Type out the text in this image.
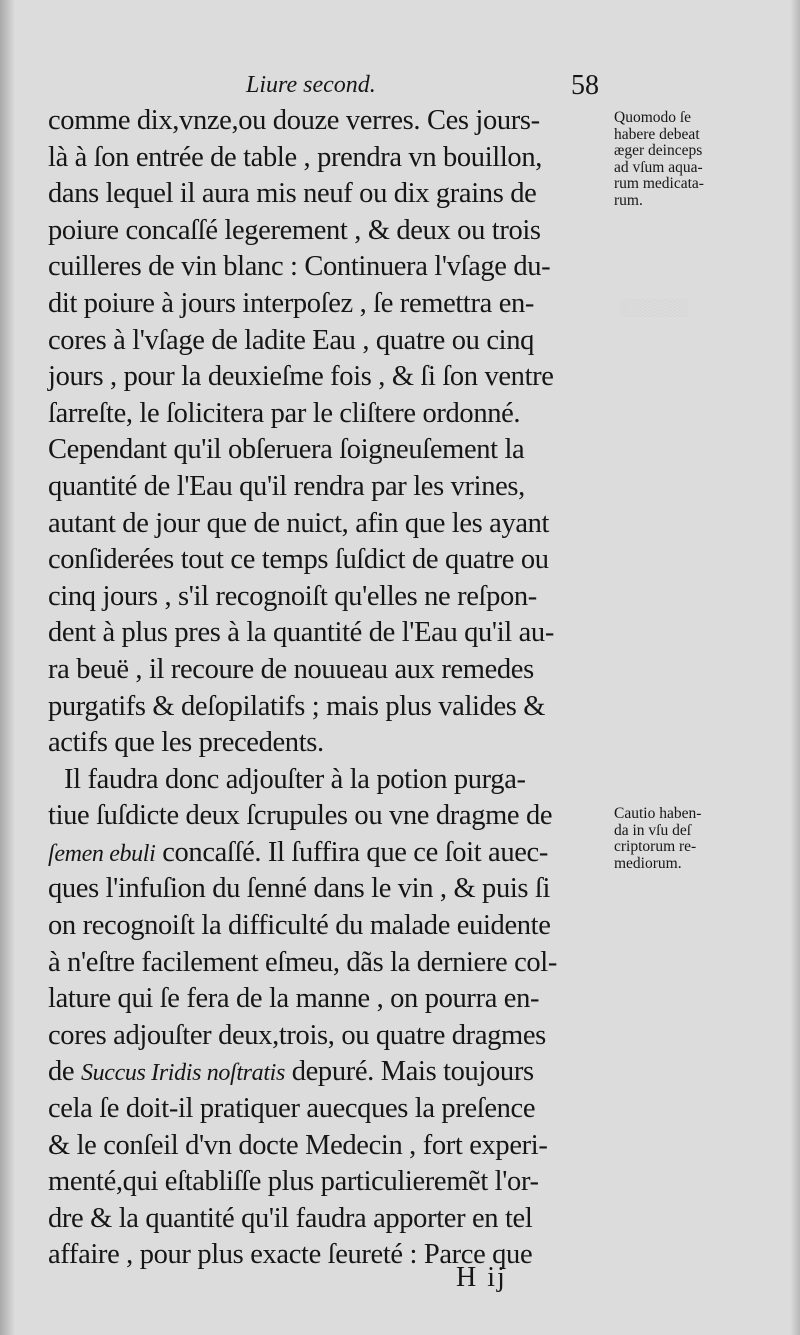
░░░░░░
Liure second.	58
comme dix,vnze,ou douze verres. Ces jours-
là à ſon entrée de table , prendra vn bouillon,
dans lequel il aura mis neuf ou dix grains de
poiure concaſſé legerement , & deux ou trois
cuilleres de vin blanc : Continuera l'vſage du-
dit poiure à jours interpoſez , ſe remettra en-
cores à l'vſage de ladite Eau , quatre ou cinq
jours , pour la deuxieſme fois , & ſi ſon ventre
ſarreſte, le ſolicitera par le cliſtere ordonné.
Cependant qu'il obſeruera ſoigneuſement la
quantité de l'Eau qu'il rendra par les vrines,
autant de jour que de nuict, afin que les ayant
conſiderées tout ce temps ſuſdict de quatre ou
cinq jours , s'il recognoiſt qu'elles ne reſpon-
dent à plus pres à la quantité de l'Eau qu'il au-
ra beuë , il recoure de nouueau aux remedes
purgatifs & deſopilatifs ; mais plus valides &
actifs que les precedents.
Il faudra donc adjouſter à la potion purga-
tiue ſuſdicte deux ſcrupules ou vne dragme de
ſemen ebuli concaſſé. Il ſuffira que ce ſoit auec-
ques l'infuſion du ſenné dans le vin , & puis ſi
on recognoiſt la difficulté du malade euidente
à n'eſtre facilement eſmeu, dãs la derniere col-
lature qui ſe fera de la manne , on pourra en-
cores adjouſter deux,trois, ou quatre dragmes
de Succus Iridis noſtratis depuré. Mais toujours
cela ſe doit-il pratiquer auecques la preſence
& le conſeil d'vn docte Medecin , fort experi-
menté,qui eſtabliſſe plus particulieremẽt l'or-
dre & la quantité qu'il faudra apporter en tel
affaire , pour plus exacte ſeureté : Parce que
Quomodo ſe
habere debeat
æger deinceps
ad vſum aqua-
rum medicata-
rum.
Cautio haben-
da in vſu deſ
criptorum re-
mediorum.
H ij
